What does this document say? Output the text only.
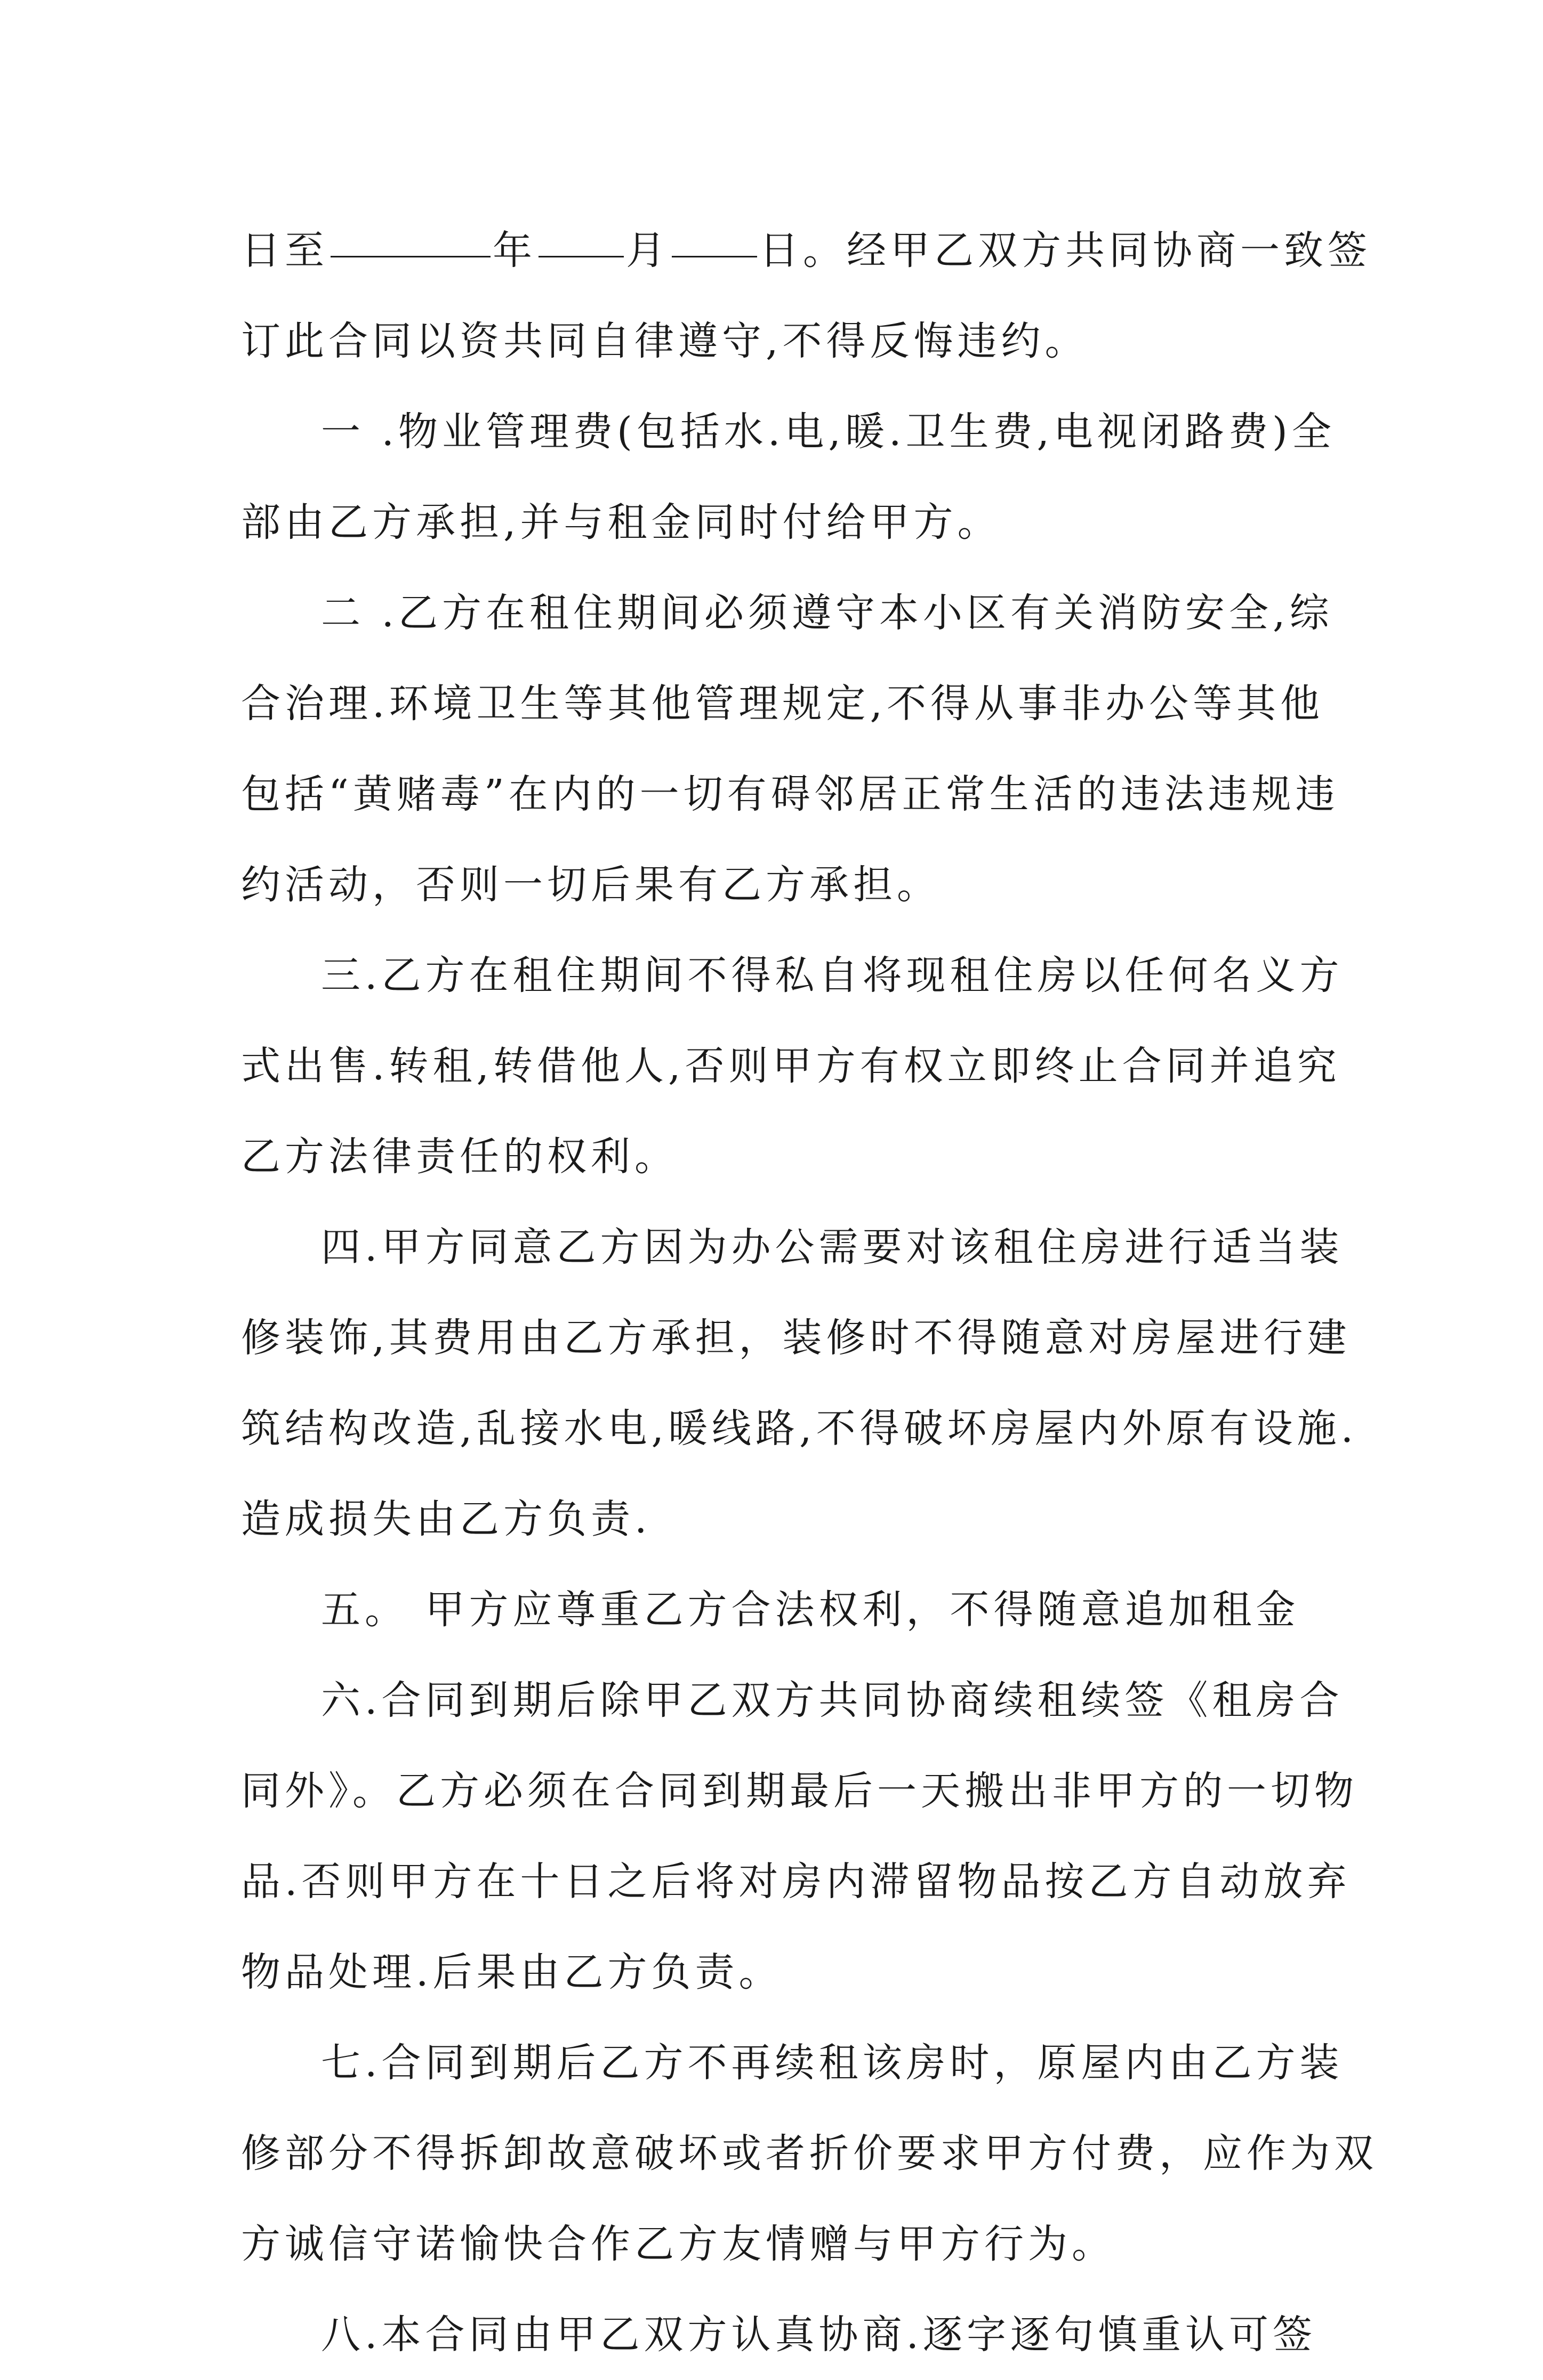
日至	年 月 日。经甲乙双方共同协商一致签
订此合同以资共同自律遵守,不得反悔违约。
一 .物业管理费(包括水.电,暖.卫生费,电视闭路费)全
部由乙方承担,并与租金同时付给甲方。
二 .乙方在租住期间必须遵守本小区有关消防安全,综
合治理.环境卫生等其他管理规定,不得从事非办公等其他
包括“黄赌毒”在内的一切有碍邻居正常生活的违法违规违
约活动，否则一切后果有乙方承担。
三.乙方在租住期间不得私自将现租住房以任何名义方
式出售.转租,转借他人,否则甲方有权立即终止合同并追究
乙方法律责任的权利。
四.甲方同意乙方因为办公需要对该租住房进行适当装
修装饰,其费用由乙方承担，装修时不得随意对房屋进行建
筑结构改造,乱接水电,暖线路,不得破坏房屋内外原有设施.
造成损失由乙方负责.
五。 甲方应尊重乙方合法权利，不得随意追加租金
六.合同到期后除甲乙双方共同协商续租续签《租房合
同外》。乙方必须在合同到期最后一天搬出非甲方的一切物
品.否则甲方在十日之后将对房内滞留物品按乙方自动放弃
物品处理.后果由乙方负责。
七.合同到期后乙方不再续租该房时，原屋内由乙方装
修部分不得拆卸故意破坏或者折价要求甲方付费，应作为双
方诚信守诺愉快合作乙方友情赠与甲方行为。
八.本合同由甲乙双方认真协商.逐字逐句慎重认可签
